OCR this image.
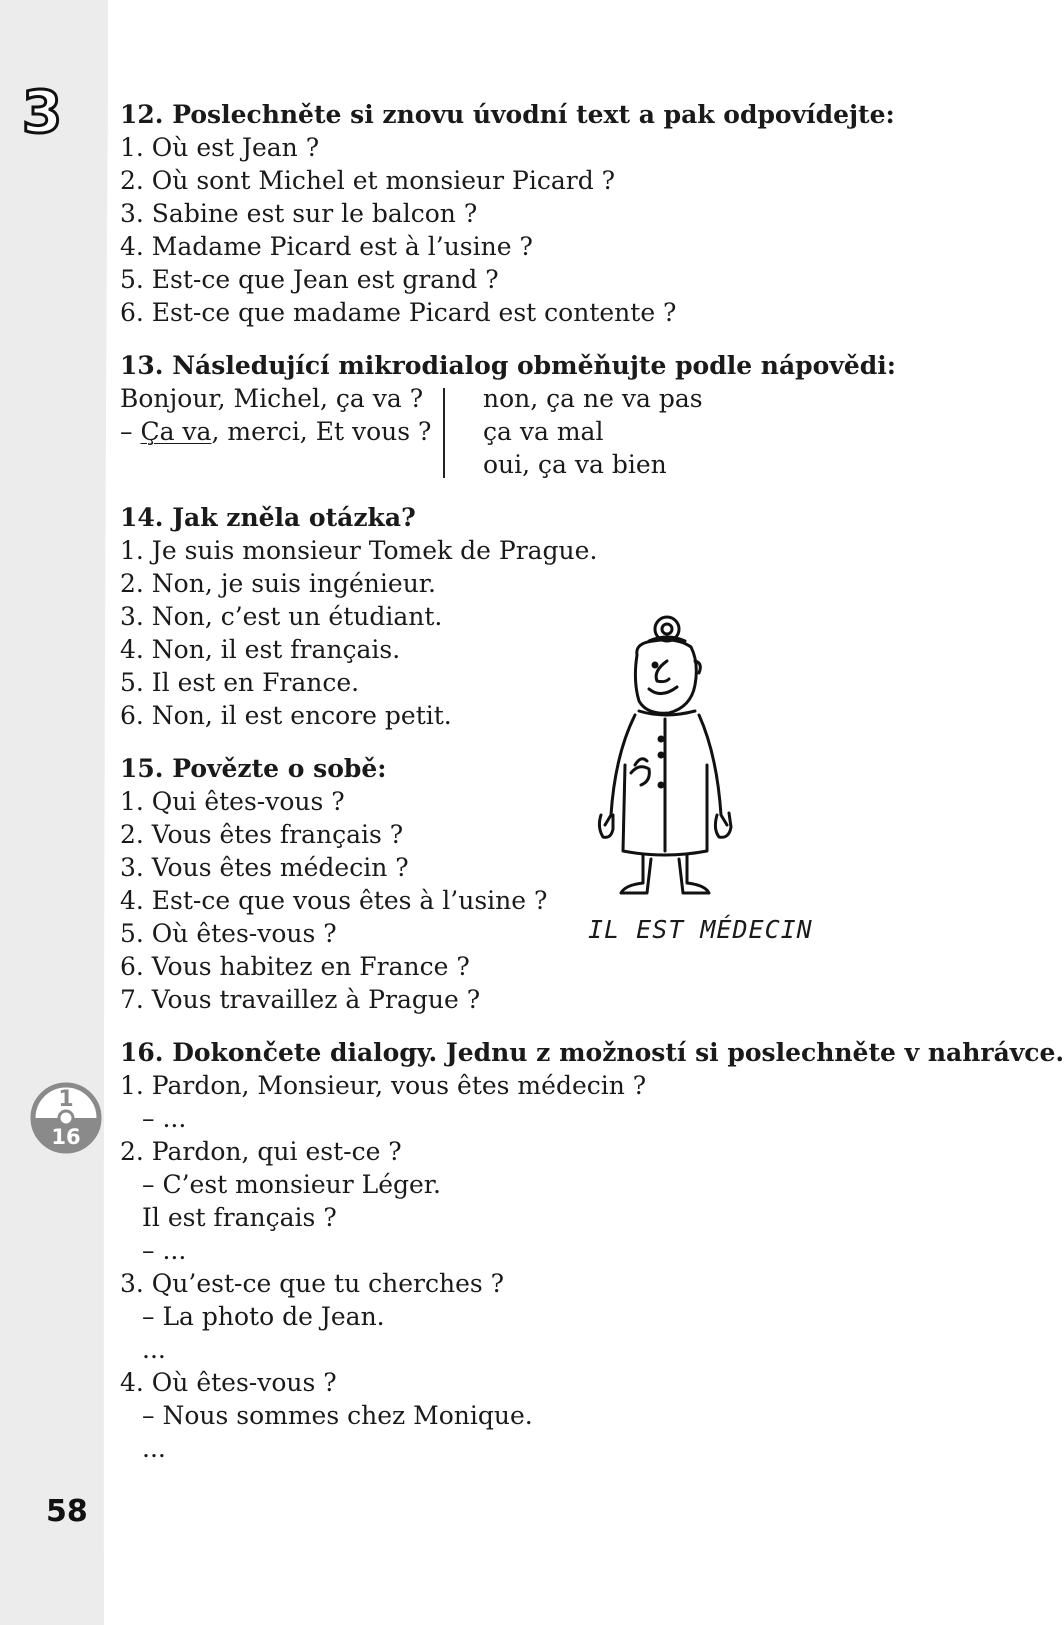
3
1
16
58
12. Poslechněte si znovu úvodní text a pak odpovídejte:
1. Où est Jean ?
2. Où sont Michel et monsieur Picard ?
3. Sabine est sur le balcon ?
4. Madame Picard est à l’usine ?
5. Est-ce que Jean est grand ?
6. Est-ce que madame Picard est contente ?
13. Následující mikrodialog obměňujte podle nápovědi:
Bonjour, Michel, ça va ?
– Ça va, merci, Et vous ?
non, ça ne va pas
ça va mal
oui, ça va bien
14. Jak zněla otázka?
1. Je suis monsieur Tomek de Prague.
2. Non, je suis ingénieur.
3. Non, c’est un étudiant.
4. Non, il est français.
5. Il est en France.
6. Non, il est encore petit.
15. Povězte o sobě:
1. Qui êtes-vous ?
2. Vous êtes français ?
3. Vous êtes médecin ?
4. Est-ce que vous êtes à l’usine ?
5. Où êtes-vous ?
6. Vous habitez en France ?
7. Vous travaillez à Prague ?
16. Dokončete dialogy. Jednu z možností si poslechněte v nahrávce.
1. Pardon, Monsieur, vous êtes médecin ?
– ...
2. Pardon, qui est-ce ?
– C’est monsieur Léger.
Il est français ?
– ...
3. Qu’est-ce que tu cherches ?
– La photo de Jean.
...
4. Où êtes-vous ?
– Nous sommes chez Monique.
...
IL EST MÉDECIN
